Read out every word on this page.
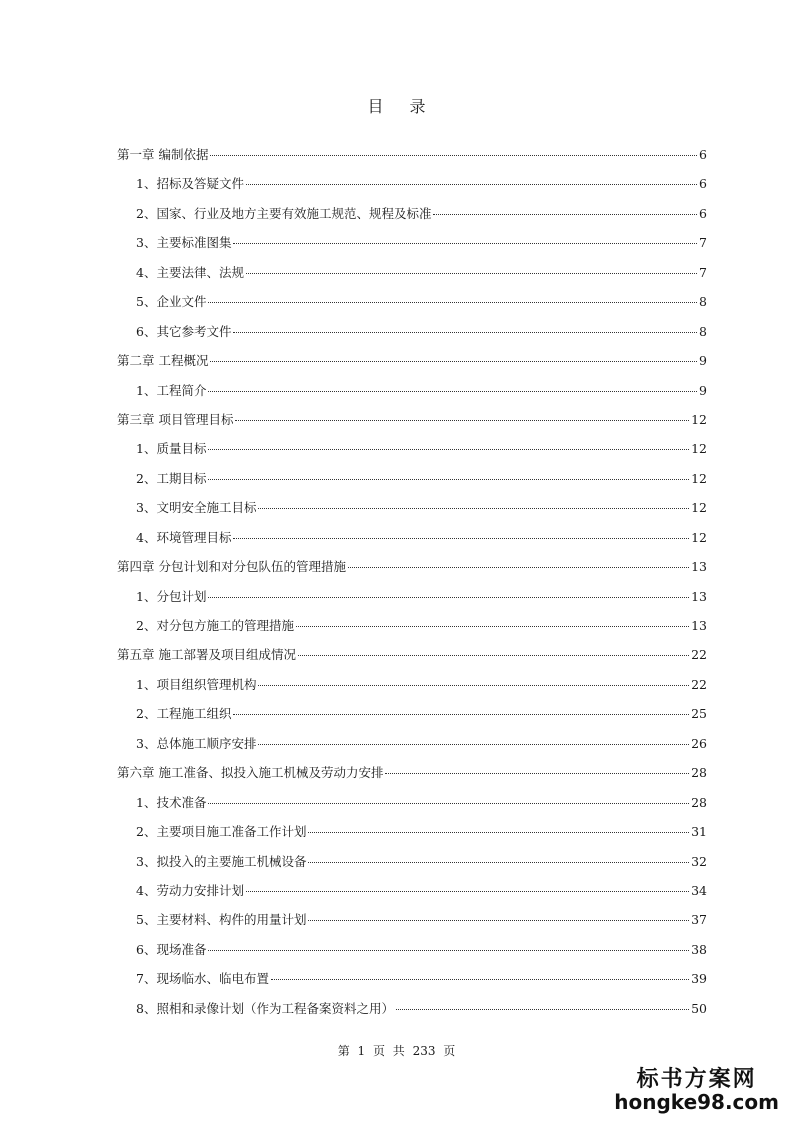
目 录
第一章 编制依据	6
1、招标及答疑文件	6
2、国家、行业及地方主要有效施工规范、规程及标准	6
3、主要标准图集	7
4、主要法律、法规	7
5、企业文件	8
6、其它参考文件	8
第二章 工程概况	9
1、工程简介	9
第三章 项目管理目标	12
1、质量目标	12
2、工期目标	12
3、文明安全施工目标	12
4、环境管理目标	12
第四章 分包计划和对分包队伍的管理措施	13
1、分包计划	13
2、对分包方施工的管理措施	13
第五章 施工部署及项目组成情况	22
1、项目组织管理机构	22
2、工程施工组织	25
3、总体施工顺序安排	26
第六章 施工准备、拟投入施工机械及劳动力安排	28
1、技术准备	28
2、主要项目施工准备工作计划	31
3、拟投入的主要施工机械设备	32
4、劳动力安排计划	34
5、主要材料、构件的用量计划	37
6、现场准备	38
7、现场临水、临电布置	39
8、照相和录像计划（作为工程备案资料之用）	50
第 1 页 共 233 页
标书方案网
hongke98.com
